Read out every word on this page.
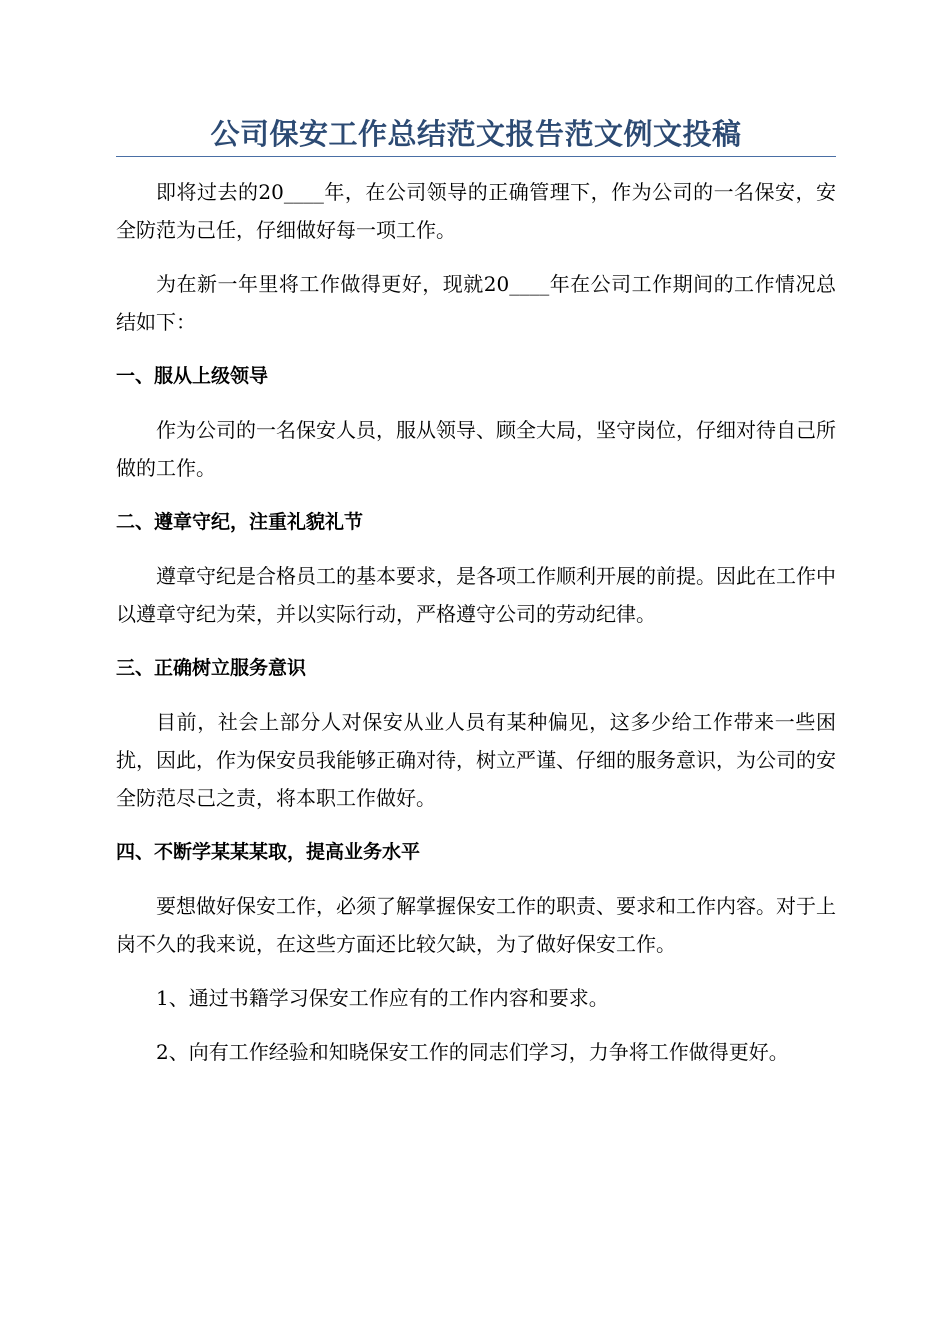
公司保安工作总结范文报告范文例文投稿

即将过去的20____年，在公司领导的正确管理下，作为公司的一名保安，安全防范为己任，仔细做好每一项工作。

为在新一年里将工作做得更好，现就20____年在公司工作期间的工作情况总结如下：

一、服从上级领导

作为公司的一名保安人员，服从领导、顾全大局，坚守岗位，仔细对待自己所做的工作。

二、遵章守纪，注重礼貌礼节

遵章守纪是合格员工的基本要求，是各项工作顺利开展的前提。因此在工作中以遵章守纪为荣，并以实际行动，严格遵守公司的劳动纪律。

三、正确树立服务意识

目前，社会上部分人对保安从业人员有某种偏见，这多少给工作带来一些困扰，因此，作为保安员我能够正确对待，树立严谨、仔细的服务意识，为公司的安全防范尽己之责，将本职工作做好。

四、不断学某某某取，提高业务水平

要想做好保安工作，必须了解掌握保安工作的职责、要求和工作内容。对于上岗不久的我来说，在这些方面还比较欠缺，为了做好保安工作。

1、通过书籍学习保安工作应有的工作内容和要求。

2、向有工作经验和知晓保安工作的同志们学习，力争将工作做得更好。
